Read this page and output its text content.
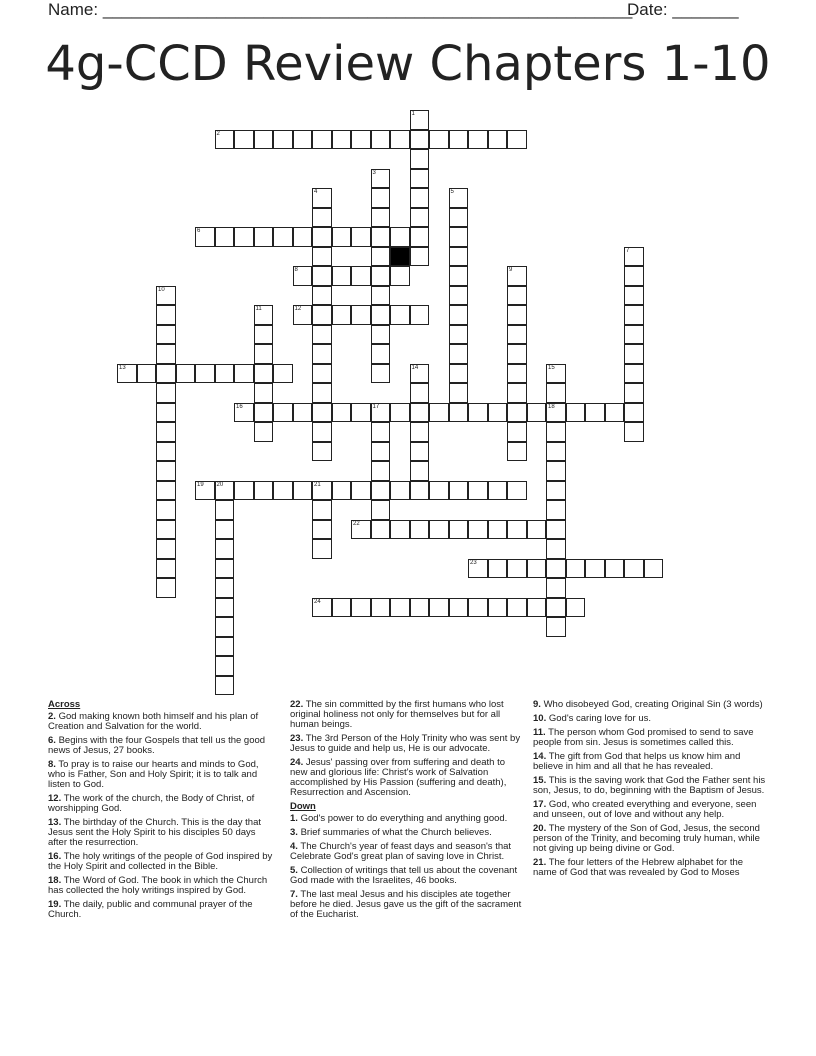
Name: ________________________________________________________
Date: _______
4g-CCD Review Chapters 1-10
1
2
3
4	5
6
7
8	9
10
11	12
13	14	15
18
16	17
19 20	21
22
23
24
Across
2. God making known both himself and his plan of Creation and Salvation for the world.
6. Begins with the four Gospels that tell us the good news of Jesus, 27 books.
8. To pray is to raise our hearts and minds to God, who is Father, Son and Holy Spirit; it is to talk and listen to God.
12. The work of the church, the Body of Christ, of worshipping God.
13. The birthday of the Church. This is the day that Jesus sent the Holy Spirit to his disciples 50 days after the resurrection.
16. The holy writings of the people of God inspired by the Holy Spirit and collected in the Bible.
18. The Word of God. The book in which the Church has collected the holy writings inspired by God.
19. The daily, public and communal prayer of the Church.
22. The sin committed by the first humans who lost original holiness not only for themselves but for all human beings.
23. The 3rd Person of the Holy Trinity who was sent by Jesus to guide and help us, He is our advocate.
24. Jesus' passing over from suffering and death to new and glorious life: Christ's work of Salvation accomplished by His Passion (suffering and death), Resurrection and Ascension.
Down
1. God's power to do everything and anything good.
3. Brief summaries of what the Church believes.
4. The Church's year of feast days and season's that Celebrate God's great plan of saving love in Christ.
5. Collection of writings that tell us about the covenant God made with the Israelites, 46 books.
7. The last meal Jesus and his disciples ate together before he died. Jesus gave us the gift of the sacrament of the Eucharist.
9. Who disobeyed God, creating Original Sin (3 words)
10. God's caring love for us.
11. The person whom God promised to send to save people from sin. Jesus is sometimes called this.
14. The gift from God that helps us know him and believe in him and all that he has revealed.
15. This is the saving work that God the Father sent his son, Jesus, to do, beginning with the Baptism of Jesus.
17. God, who created everything and everyone, seen and unseen, out of love and without any help.
20. The mystery of the Son of God, Jesus, the second person of the Trinity, and becoming truly human, while not giving up being divine or God.
21. The four letters of the Hebrew alphabet for the name of God that was revealed by God to Moses
